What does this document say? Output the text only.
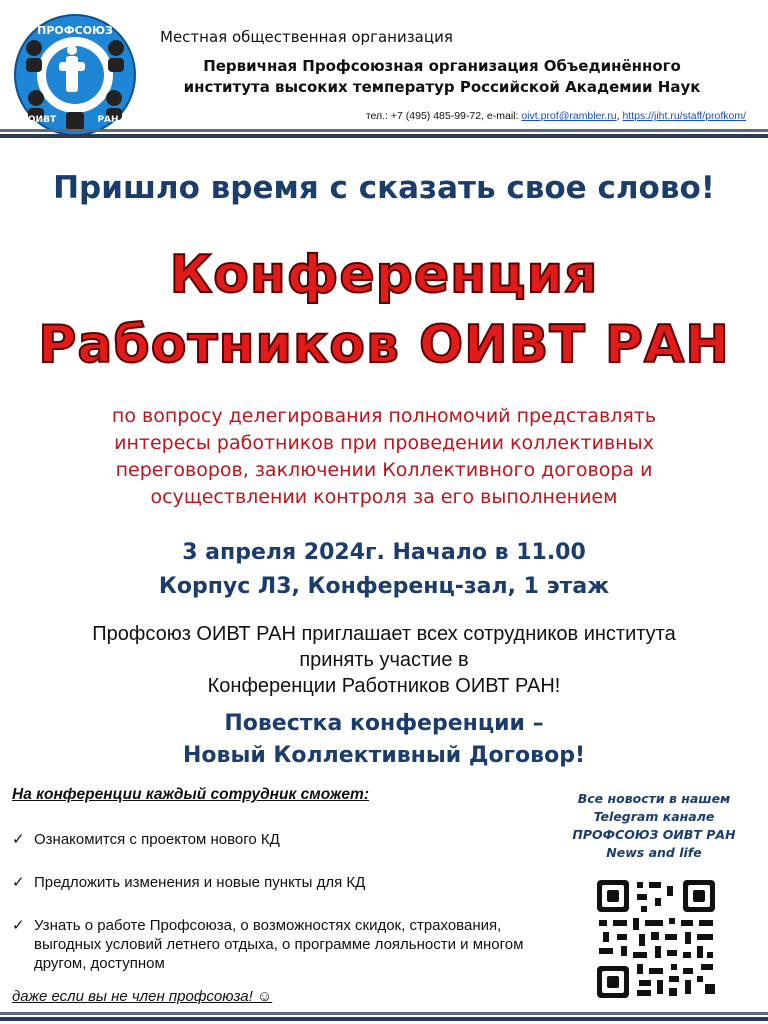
ПРОФСОЮЗ
ОИВТ	РАН
Местная общественная организация
Первичная Профсоюзная организация Объединённого
института высоких температур Российской Академии Наук
тел.: +7 (495) 485-99-72, e-mail: oivt.prof@rambler.ru, https://jiht.ru/staff/profkom/
Пришло время с сказать свое слово!
Конференция
Работников ОИВТ РАН
по вопросу делегирования полномочий представлять
интересы работников при проведении коллективных
переговоров, заключении Коллективного договора и
осуществлении контроля за его выполнением
3 апреля 2024г. Начало в 11.00
Корпус Л3, Конференц-зал, 1 этаж
Профсоюз ОИВТ РАН приглашает всех сотрудников института
принять участие в
Конференции Работников ОИВТ РАН!
Повестка конференции –
Новый Коллективный Договор!
На конференции каждый сотрудник сможет:
✓ Ознакомится с проектом нового КД
✓ Предложить изменения и новые пункты для КД
✓ Узнать о работе Профсоюза, о возможностях скидок, страхования, выгодных условий летнего отдыха, о программе лояльности и многом другом, доступном
даже если вы не член профсоюза! ☺
Все новости в нашем
Telegram канале
ПРОФСОЮЗ ОИВТ РАН
News and life
